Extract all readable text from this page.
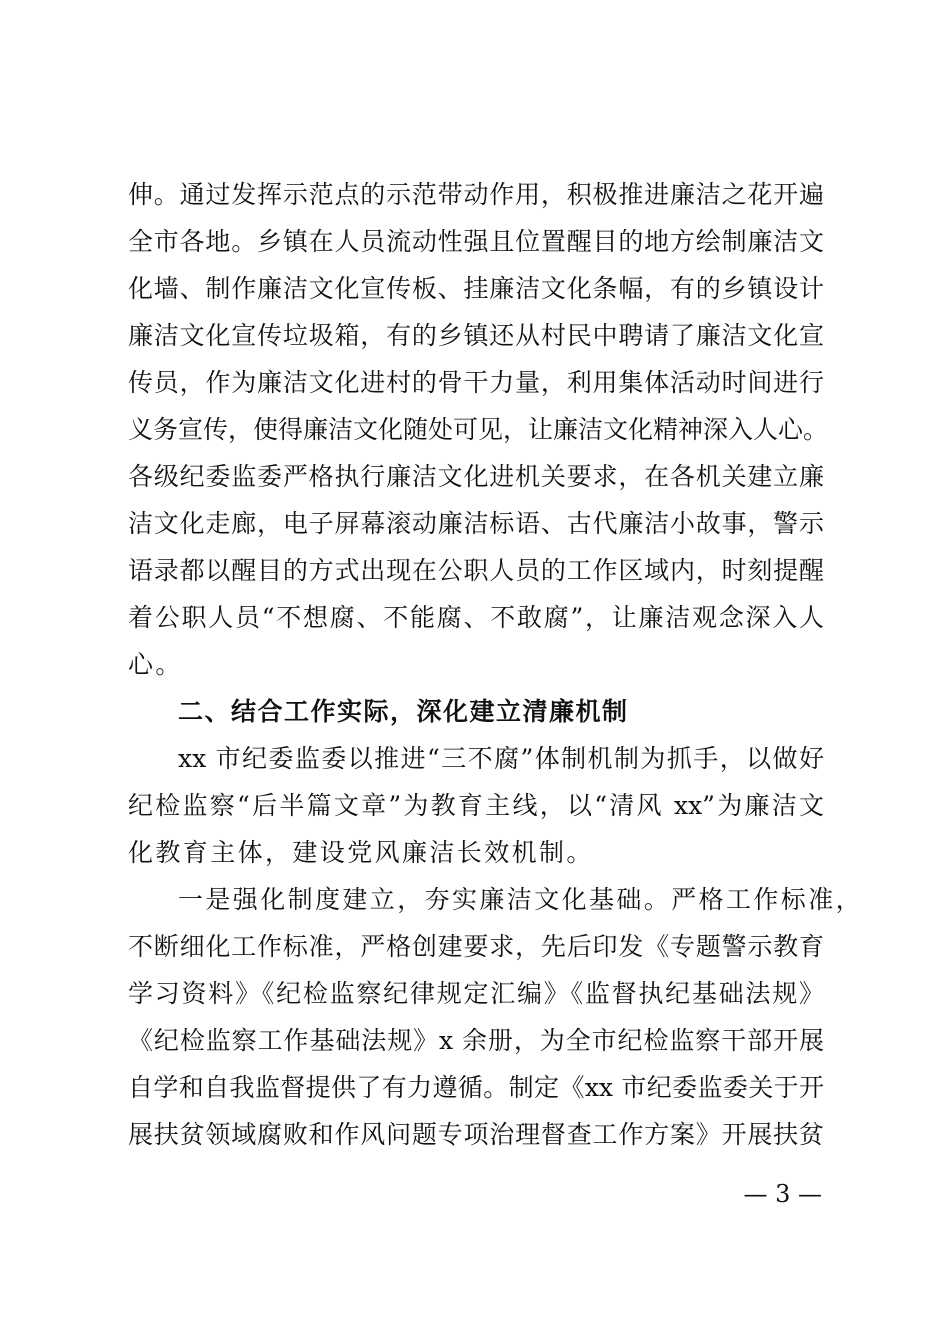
伸。通过发挥示范点的示范带动作用，积极推进廉洁之花开遍
全市各地。乡镇在人员流动性强且位置醒目的地方绘制廉洁文
化墙、制作廉洁文化宣传板、挂廉洁文化条幅，有的乡镇设计
廉洁文化宣传垃圾箱，有的乡镇还从村民中聘请了廉洁文化宣
传员，作为廉洁文化进村的骨干力量，利用集体活动时间进行
义务宣传，使得廉洁文化随处可见，让廉洁文化精神深入人心。
各级纪委监委严格执行廉洁文化进机关要求，在各机关建立廉
洁文化走廊，电子屏幕滚动廉洁标语、古代廉洁小故事，警示
语录都以醒目的方式出现在公职人员的工作区域内，时刻提醒
着公职人员“不想腐、不能腐、不敢腐”，让廉洁观念深入人
心。
二、结合工作实际，深化建立清廉机制
xx 市纪委监委以推进“三不腐”体制机制为抓手，以做好
纪检监察“后半篇文章”为教育主线，以“清风 xx”为廉洁文
化教育主体，建设党风廉洁长效机制。
一是强化制度建立，夯实廉洁文化基础。严格工作标准，
不断细化工作标准，严格创建要求，先后印发《专题警示教育
学习资料》《纪检监察纪律规定汇编》《监督执纪基础法规》
《纪检监察工作基础法规》x 余册，为全市纪检监察干部开展
自学和自我监督提供了有力遵循。制定《xx 市纪委监委关于开
展扶贫领域腐败和作风问题专项治理督查工作方案》开展扶贫
— 3 —
